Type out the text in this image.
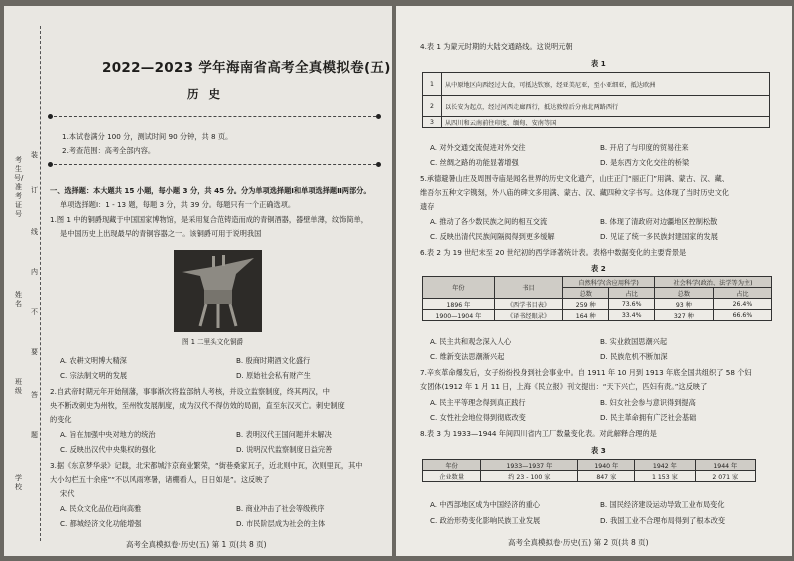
考生号/准考证号
姓名
班级
学校
装
订
线
内
不
要
答
题
2022—2023 学年海南省高考全真模拟卷(五)
历 史
1.本试卷满分 100 分，测试时间 90 分钟，共 8 页。
2.考查范围：高考全部内容。
一、选择题：本大题共 15 小题，每小题 3 分，共 45 分。分为单项选择题Ⅰ和单项选择题Ⅱ两部分。
单项选择题Ⅰ：1 - 13 题，每题 3 分，共 39 分。每题只有一个正确选项。
1.图 1 中的铜爵现藏于中国国家博物馆，是采用复合范铸造而成的青铜酒器，器壁单薄，纹饰简单，
是中国历史上出现最早的青铜容器之一。该铜爵可用于说明我国
图 1 二里头文化铜爵
A. 农耕文明博大精深	B. 殷商时期酒文化盛行
C. 宗法制文明的发展	D. 原始社会私有财产生
2.自武帝时期元年开始削藩，事事渐次将监部纳人考核，并设立监察制度，终其两汉，中
央不断改刺史为州牧，至州牧发展制度，成为汉代不得仿效的局面，直至东汉灭亡。刺史制度
的变化
A. 旨在加强中央对地方的统治	B. 表明汉代王国问题并未解决
C. 反映出汉代中央集权的强化	D. 说明汉代监察制度日益完善
3.据《东京梦华录》记载，北宋都城汴京商业繁荣，“街巷桑家瓦子，近北则中瓦，次则里瓦，其中
大小勾栏五十余座”“不以风雨寒暑，诸棚看人，日日如是”。这反映了
宋代
A. 民众文化品位趋向高雅	B. 商业冲击了社会等级秩序
C. 都城经济文化功能增强	D. 市民阶层成为社会的主体
高考全真模拟卷·历史(五) 第 1 页(共 8 页)
4.表 1 为蒙元时期的大陆交通路线。这说明元朝
表 1
1	从中原地区向西经过大食，可抵达钦察，经亚美尼亚，至小亚细亚，抵达欧洲
2	以长安为起点，经过河西走廊西行，抵达敦煌后分南北两路西行
3	从四川和云南前往印度、缅甸、安南等国
A. 对外交通交流促进对外交往	B. 开启了与印度的贸易往来
C. 丝绸之路的功能显著增强	D. 是东西方文化交往的桥梁
5.承德避暑山庄及周围寺庙是闻名世界的历史文化遗产，山庄正门“丽正门”用满、蒙古、汉、藏、
维吾尔五种文字镌刻，外八庙的碑文多用满、蒙古、汉、藏四种文字书写。这体现了当时历史文化
遗存
A. 推动了各少数民族之间的相互交流	B. 体现了清政府对边疆地区控制松散
C. 反映出清代民族间隔阂得到更多缓解	D. 见证了统一多民族封建国家的发展
6.表 2 为 19 世纪末至 20 世纪初的西学译著统计表。表格中数据变化的主要背景是
表 2
年份	书目	自然科学(含应用科学)		社会科学(政治、法学等为主)	
		总数	占比	总数	占比
1896 年	《西学书目表》	259 种	73.6%	93 种	26.4%
1900—1904 年	《译书经眼录》	164 种	33.4%	327 种	66.6%
A. 民主共和观念深入人心	B. 实业救国思潮兴起
C. 维新变法思潮渐兴起	D. 民族危机不断加深
7.辛亥革命爆发后，女子纷纷投身到社会事业中。自 1911 年 10 月到 1913 年底全国共组织了 58 个妇
女团体(1912 年 1 月 11 日，上海《民立报》刊文提出：“天下兴亡，匹妇有责。”这反映了
A. 民主平等理念得到真正践行	B. 妇女社会参与意识得到提高
C. 女性社会地位得到彻底改变	D. 民主革命拥有广泛社会基础
8.表 3 为 1933—1944 年间四川省内工厂数量变化表。对此解释合理的是
表 3
年份	1933—1937 年	1940 年	1942 年	1944 年
企业数量	约 23 - 100 家	847 家	1 153 家	2 071 家
A. 中西部地区成为中国经济的重心	B. 国民经济建设运动导致工业布局变化
C. 政治形势变化影响民族工业发展	D. 我国工业不合理布局得到了根本改变
高考全真模拟卷·历史(五) 第 2 页(共 8 页)
